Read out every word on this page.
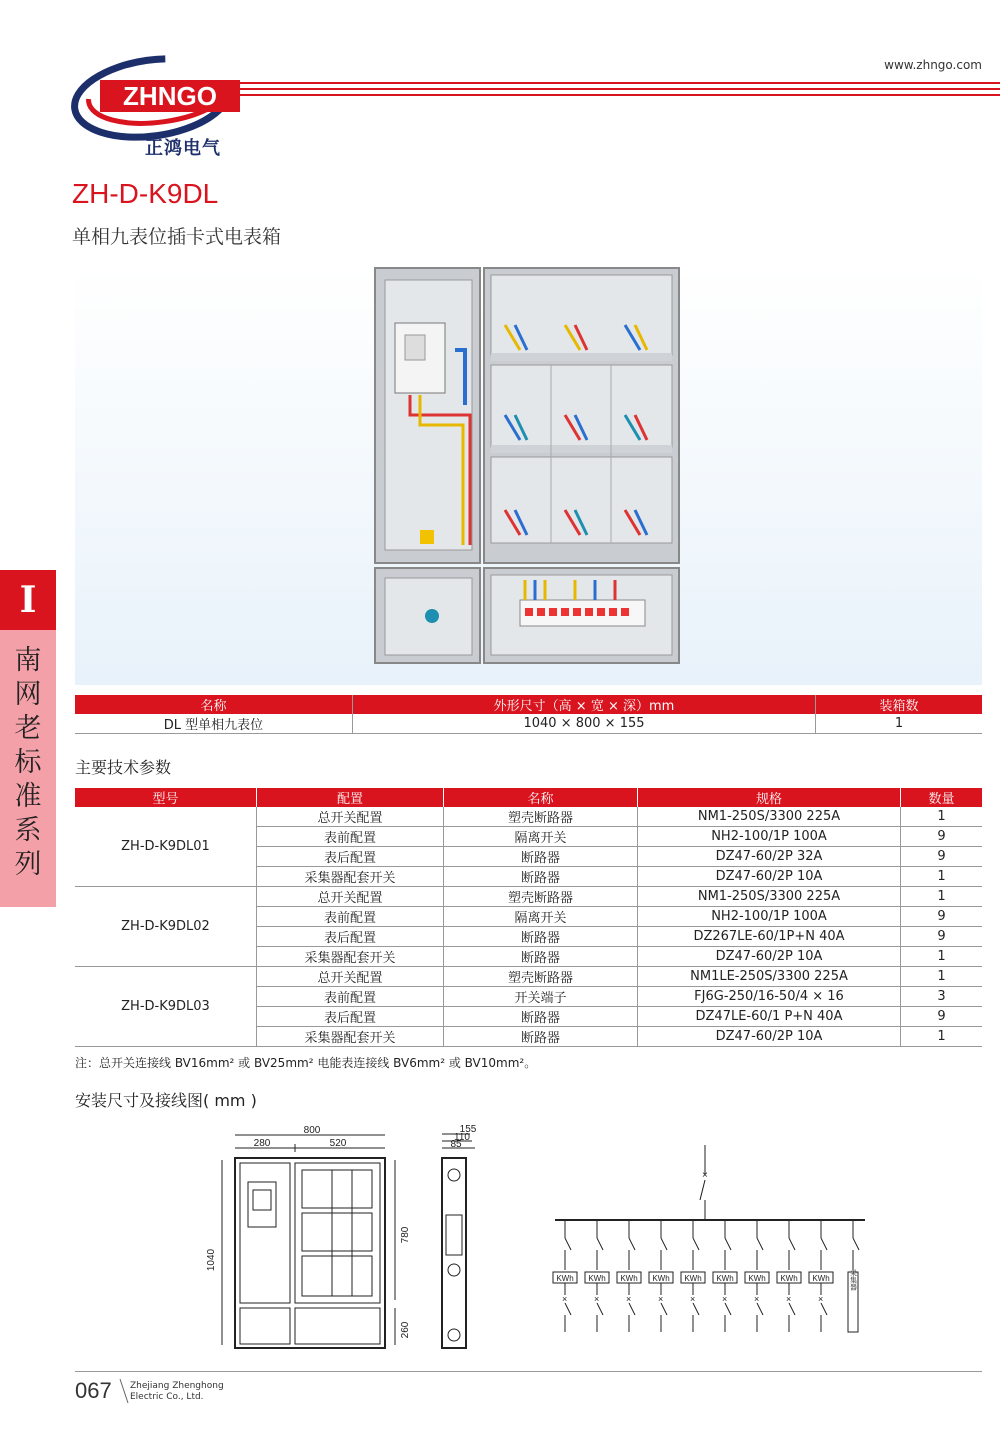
www.zhngo.com
ZHNGO
正鸿电气
ZH-D-K9DL
单相九表位插卡式电表箱
I
南
网
老
标
准
系
列
名称	外形尺寸（高 × 宽 × 深）mm	装箱数
DL 型单相九表位	1040 × 800 × 155	1
主要技术参数
型号	配置	名称	规格	数量
ZH-D-K9DL01	总开关配置	塑壳断路器	NM1-250S/3300 225A	1
	表前配置	隔离开关	NH2-100/1P 100A	9
	表后配置	断路器	DZ47-60/2P 32A	9
	采集器配套开关	断路器	DZ47-60/2P 10A	1
ZH-D-K9DL02	总开关配置	塑壳断路器	NM1-250S/3300 225A	1
	表前配置	隔离开关	NH2-100/1P 100A	9
	表后配置	断路器	DZ267LE-60/1P+N 40A	9
	采集器配套开关	断路器	DZ47-60/2P 10A	1
ZH-D-K9DL03	总开关配置	塑壳断路器	NM1LE-250S/3300 225A	1
	表前配置	开关端子	FJ6G-250/16-50/4 × 16	3
	表后配置	断路器	DZ47LE-60/1 P+N 40A	9
	采集器配套开关	断路器	DZ47-60/2P 10A	1
注：总开关连接线 BV16mm² 或 BV25mm² 电能表连接线 BV6mm² 或 BV10mm²。
安装尺寸及接线图( mm )
800
280	520
1040
780
260
155
110
85
×
KWh
×
KWh
×
KWh
×
KWh
×
KWh
×
KWh
×
KWh
×
KWh
×
KWh
×
采集器
067 Zhejiang Zhenghong
Electric Co., Ltd.
